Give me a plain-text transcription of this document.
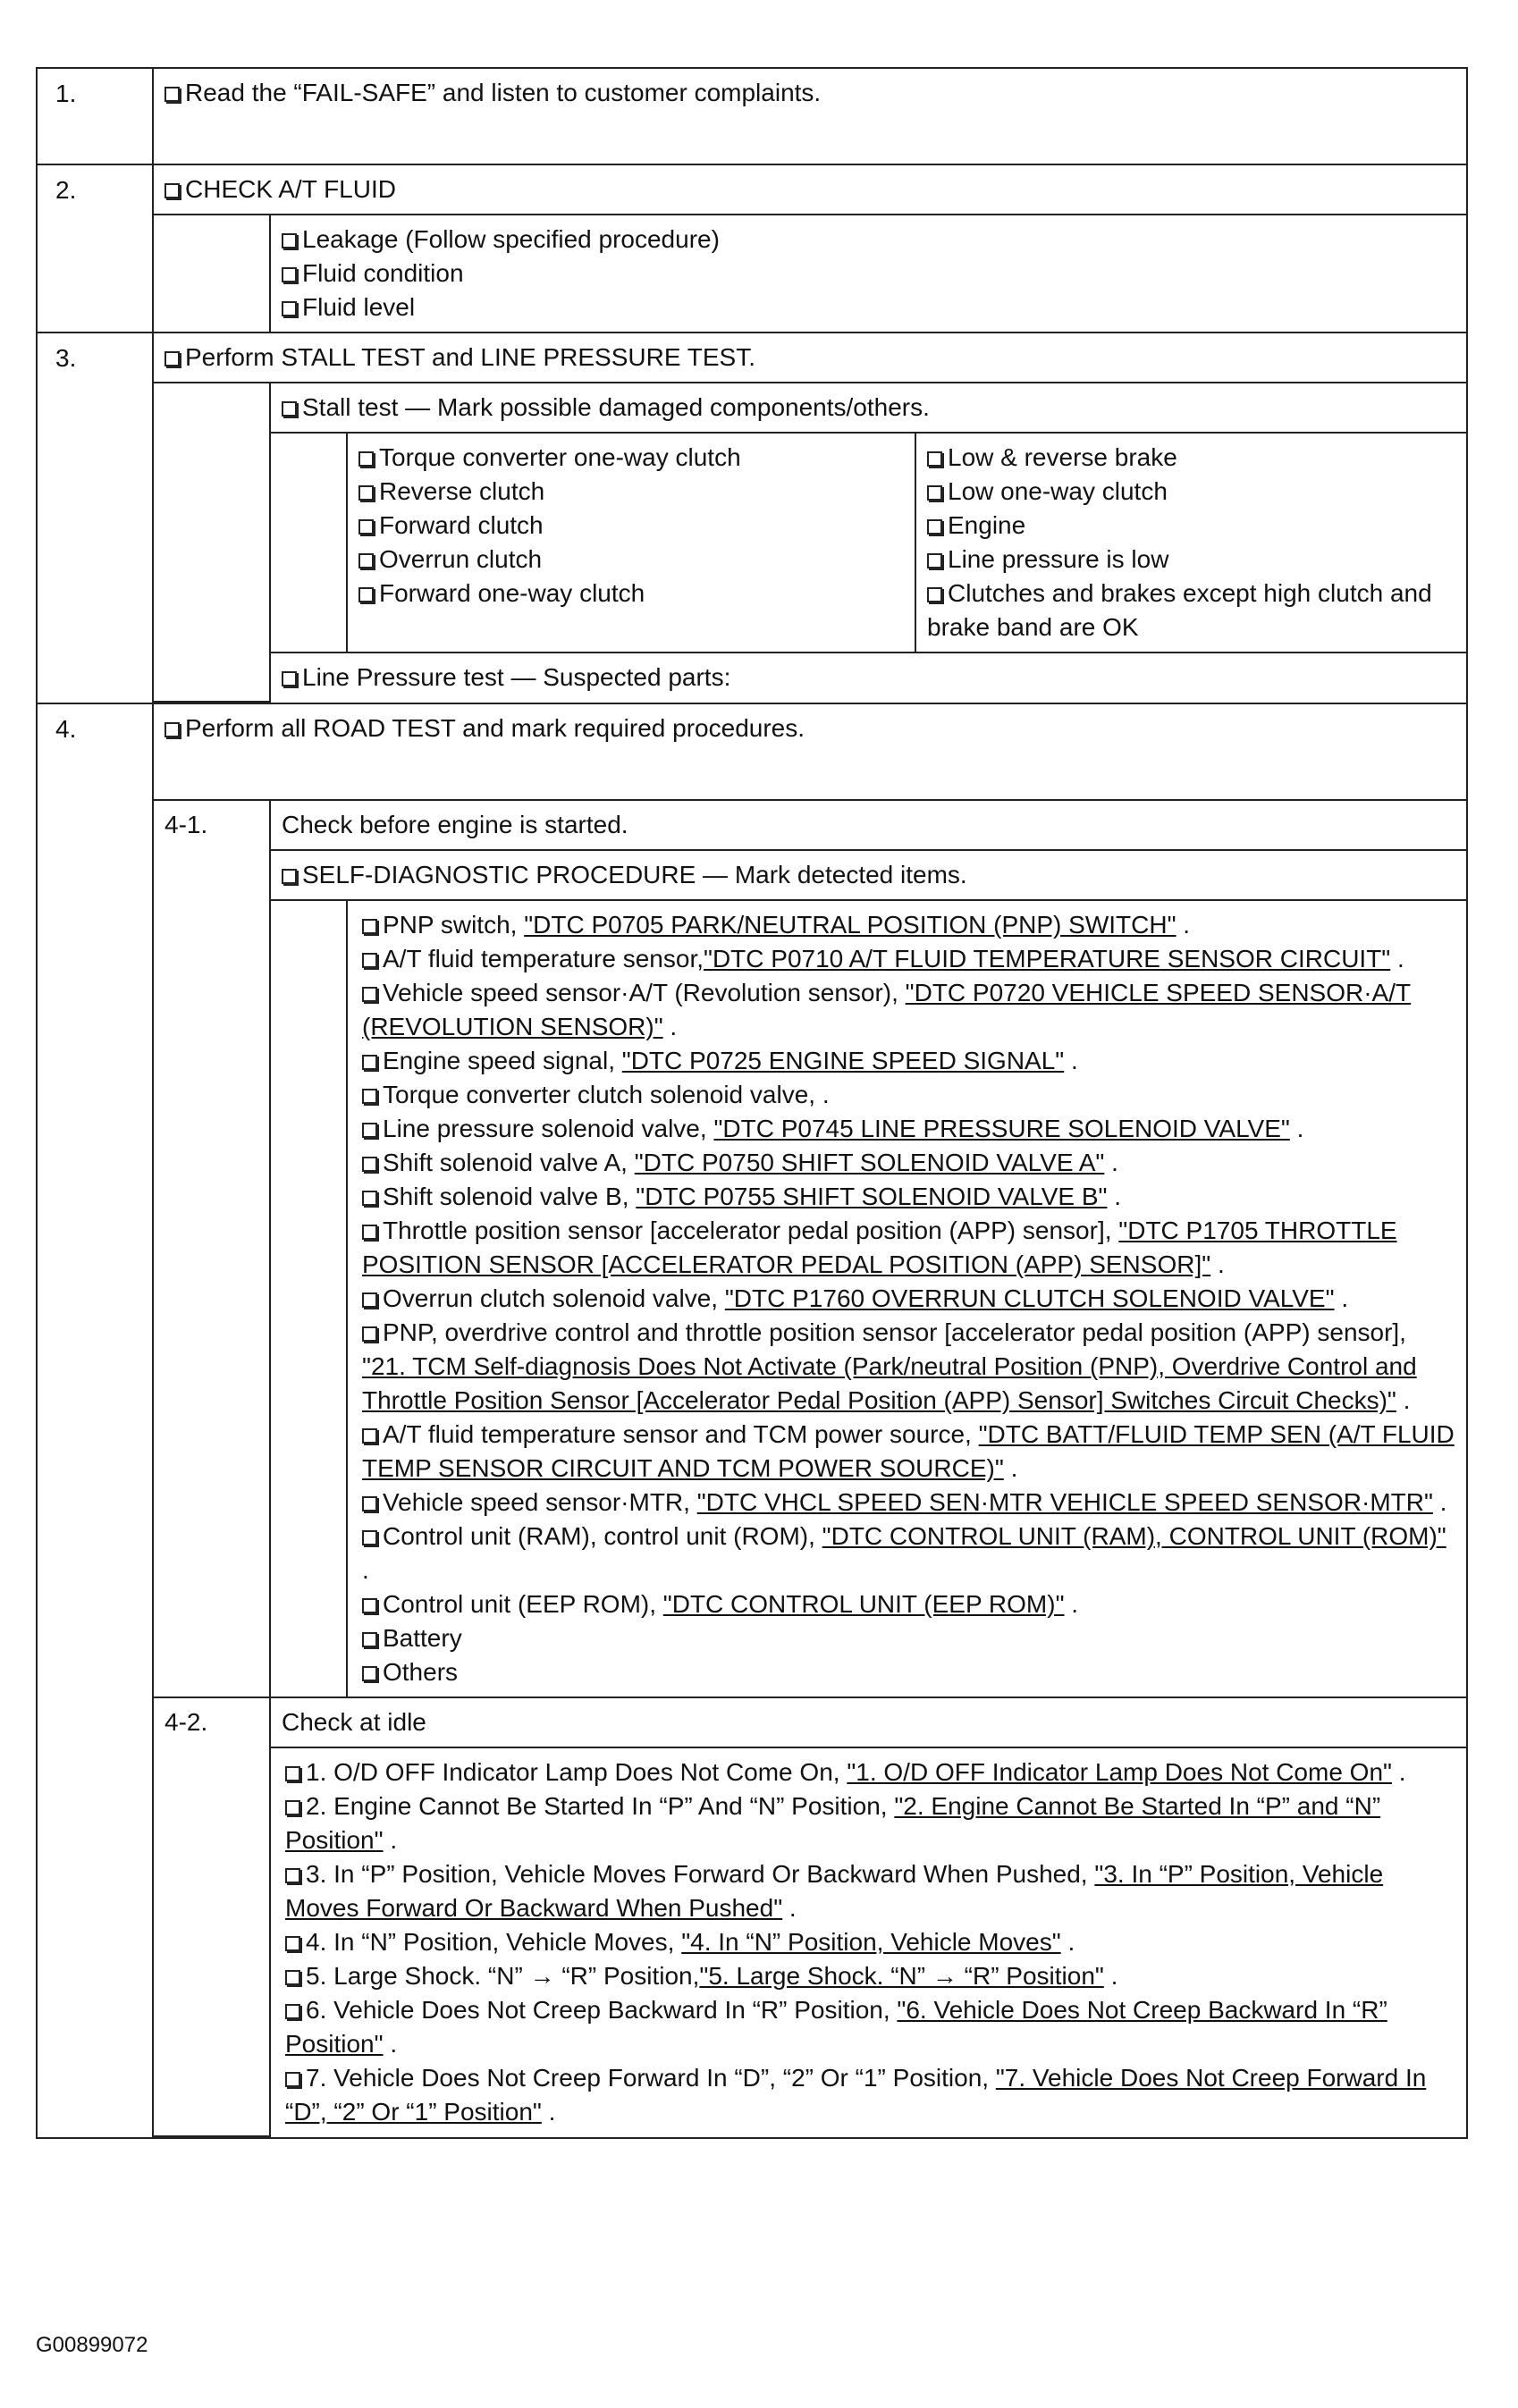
1.	Read the “FAIL-SAFE” and listen to customer complaints.

2.		CHECK A/T FLUID

Leakage (Follow specified procedure)
Fluid condition
Fluid level

3.		Perform STALL TEST and LINE PRESSURE TEST.

Stall test — Mark possible damaged components/others.

Torque converter one-way clutch
Reverse clutch
Forward clutch
Overrun clutch
Forward one-way clutch

Low & reverse brake
Low one-way clutch
Engine
Line pressure is low
Clutches and brakes except high clutch and brake band are OK

Line Pressure test — Suspected parts:

4.		Perform all ROAD TEST and mark required procedures.

4-1.	Check before engine is started.

SELF-DIAGNOSTIC PROCEDURE — Mark detected items.

PNP switch, "DTC P0705 PARK/NEUTRAL POSITION (PNP) SWITCH" .
A/T fluid temperature sensor,"DTC P0710 A/T FLUID TEMPERATURE SENSOR CIRCUIT" .
Vehicle speed sensor·A/T (Revolution sensor), "DTC P0720 VEHICLE SPEED SENSOR·A/T (REVOLUTION SENSOR)" .
Engine speed signal, "DTC P0725 ENGINE SPEED SIGNAL" .
Torque converter clutch solenoid valve, .
Line pressure solenoid valve, "DTC P0745 LINE PRESSURE SOLENOID VALVE" .
Shift solenoid valve A, "DTC P0750 SHIFT SOLENOID VALVE A" .
Shift solenoid valve B, "DTC P0755 SHIFT SOLENOID VALVE B" .
Throttle position sensor [accelerator pedal position (APP) sensor], "DTC P1705 THROTTLE POSITION SENSOR [ACCELERATOR PEDAL POSITION (APP) SENSOR]" .
Overrun clutch solenoid valve, "DTC P1760 OVERRUN CLUTCH SOLENOID VALVE" .
PNP, overdrive control and throttle position sensor [accelerator pedal position (APP) sensor], "21. TCM Self-diagnosis Does Not Activate (Park/neutral Position (PNP), Overdrive Control and Throttle Position Sensor [Accelerator Pedal Position (APP) Sensor] Switches Circuit Checks)" .
A/T fluid temperature sensor and TCM power source, "DTC BATT/FLUID TEMP SEN (A/T FLUID TEMP SENSOR CIRCUIT AND TCM POWER SOURCE)" .
Vehicle speed sensor·MTR, "DTC VHCL SPEED SEN·MTR VEHICLE SPEED SENSOR·MTR" .
Control unit (RAM), control unit (ROM), "DTC CONTROL UNIT (RAM), CONTROL UNIT (ROM)" .
Control unit (EEP ROM), "DTC CONTROL UNIT (EEP ROM)" .
Battery
Others

4-2.	Check at idle

1. O/D OFF Indicator Lamp Does Not Come On, "1. O/D OFF Indicator Lamp Does Not Come On" .
2. Engine Cannot Be Started In “P” And “N” Position, "2. Engine Cannot Be Started In “P” and “N” Position" .
3. In “P” Position, Vehicle Moves Forward Or Backward When Pushed, "3. In “P” Position, Vehicle Moves Forward Or Backward When Pushed" .
4. In “N” Position, Vehicle Moves, "4. In “N” Position, Vehicle Moves" .
5. Large Shock. “N” → “R” Position,"5. Large Shock. “N” → “R” Position" .
6. Vehicle Does Not Creep Backward In “R” Position, "6. Vehicle Does Not Creep Backward In “R” Position" .
7. Vehicle Does Not Creep Forward In “D”, “2” Or “1” Position, "7. Vehicle Does Not Creep Forward In “D”, “2” Or “1” Position" .
G00899072
